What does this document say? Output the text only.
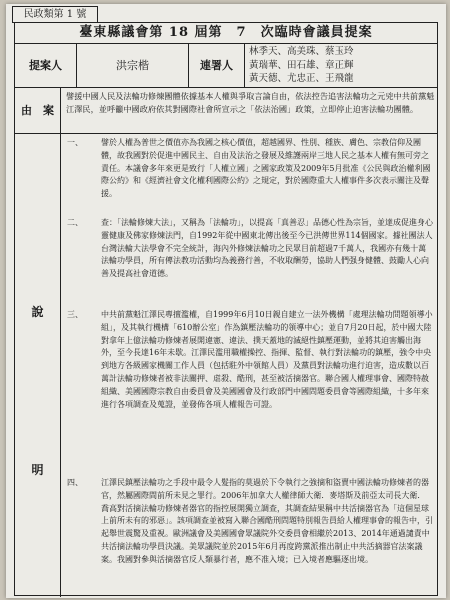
民政類第 1 號
臺東縣議會第 18 屆第　7　次臨時會議員提案
提案人	洪宗楷	連署人
林季天、高美珠、蔡玉玲
黃瑞華、田石雄、章正輝
黃天德、尤忠正、王飛龍
由　案
譬援中國人民及法輪功修煉團體依據基本人權與爭取言論自由，依法控告追害法輪功之元兇中共前黨魁江澤民，並呼籲中國政府依其對國際社會所宣示之「依法治國」政策，立即停止迫害法輪功團體。
說
明
一、 譬於人權為普世之價值亦為我國之核心價值，超越國界、性別、種族、膚色、宗教信仰及團體，故我國對於促進中國民主、自由及法治之發展及維護兩岸三地人民之基本人權有無可旁之責任。本議會多年來更是致行「人權立國」之國家政策及2009年5月批准《公民與政治權利國際公約》和《經濟社會文化權利國際公約》之規定，對於國際重大人權事件多次表示關注及聲援。
二、 查：「法輪修煉大法」，又稱為「法輪功」，以提高「真善忍」品德心性為宗旨，並達成促進身心靈健康及佛家修煉法門，自1992年從中國東北傳出後至今已洪傳世界114個國家。據社團法人台灣法輪大法學會不完全統計，海內外修煉法輪功之民眾目前超過7千萬人，我國亦有幾十萬法輪功學員，所有傳法教功活動均為義務行善，不收取酬勞，協助人們强身健體、鼓勵人心向善及提高社會道德。
三、 中共前黨魁江澤民專擅濫權，自1999年6月10日親自建立一法外機構「處理法輪功問題領導小組」，及其執行機構「610辦公室」作為鎮壓法輪功的領導中心；並自7月20日起，於中國大陸對拿年上億法輪功修煉者展開違憲、違法、撲天蓋地的滅絕性鎮壓運動，並將其迫害觸出海外，至今長達16年未歇。江澤民濫用職權操控、指揮、監督、執行對法輪功的鎮壓，強令中央到地方各級國家機關工作人員（包括駐外中領館人員）及黨員對法輪功進行迫害，造成數以百萬計法輪功修煉者被非法關押、虐殺、酷刑，甚至被活摘器官。聯合國人權理事會、國際特赦組織、美國國際宗教自由委員會及美國國會及行政部門中國問題委員會等國際組織，十多年來進行各項調查及蒐證，並發佈各項人權報告可證。
四、 江澤民鎮壓法輪功之手段中最令人髮指的莫過於下令執行之強摘和盜賣中國法輪功修煉者的器官，然屬國際間前所未見之罪行。2006年加拿大人權律師大衛．麥塔斯及前亞太司長大衛．喬高對活摘法輪功修煉者器官的指控展開獨立調查，其調查結果稱中共活摘器官為「這個星球上前所未有的邪惡」。該項調查並被寫入聯合國酷刑問題特別報告員給人權理事會的報告中，引起舉世震驚及重視。歐洲議會及美國國會眾議院外交委員會相繼於2013、2014年通過譴責中共活摘法輪功學員決議。美眾議院並於2015年6月再度跨黨派推出制止中共活摘器官法案議案。我國對參與活摘器官反人類暴行者，應不准入境；已入境者應驅逐出境。
